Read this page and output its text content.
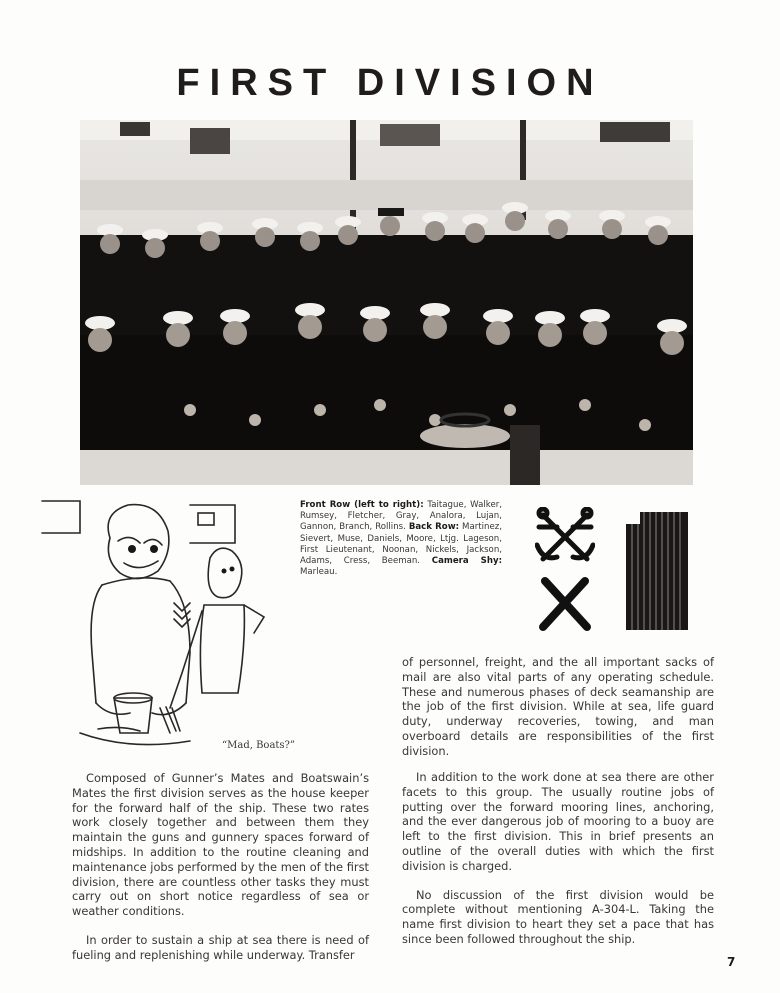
FIRST DIVISION
Front Row (left to right): Taitague, Walker, Rumsey, Fletcher, Gray, Analora, Lujan, Gannon, Branch, Rollins. Back Row: Martinez, Sievert, Muse, Daniels, Moore, Ltjg. Lageson, First Lieutenant, Noonan, Nickels, Jackson, Adams, Cress, Beeman. Camera Shy: Marleau.
“Mad, Boats?”

of personnel, freight, and the all important sacks of mail are also vital parts of any operating schedule. These and numerous phases of deck seamanship are the job of the first division. While at sea, life guard duty, underway recoveries, towing, and man overboard details are responsibilities of the first division.

Composed of Gunner’s Mates and Boatswain’s Mates the first division serves as the house keeper for the forward half of the ship. These two rates work closely together and between them they maintain the guns and gunnery spaces forward of midships. In addition to the routine cleaning and maintenance jobs performed by the men of the first division, there are countless other tasks they must carry out on short notice regardless of sea or weather conditions.

In order to sustain a ship at sea there is need of fueling and replenishing while underway. Transfer

In addition to the work done at sea there are other facets to this group. The usually routine jobs of putting over the forward mooring lines, anchoring, and the ever dangerous job of mooring to a buoy are left to the first division. This in brief presents an outline of the overall duties with which the first division is charged.

No discussion of the first division would be complete without mentioning A-304-L. Taking the name first division to heart they set a pace that has since been followed throughout the ship.

7
